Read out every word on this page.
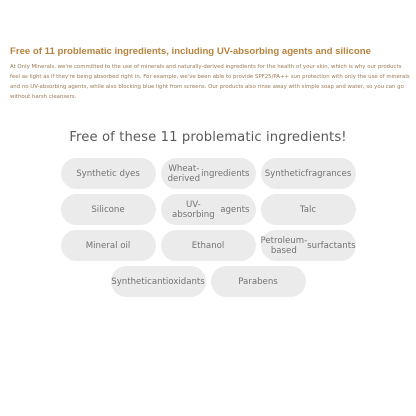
Free of 11 problematic ingredients, including UV-absorbing agents and silicone

At Only Minerals, we're committed to the use of minerals and naturally-derived ingredients for the health of your skin, which is why our products feel as light as if they're being absorbed right in. For example, we've been able to provide SPF25/PA++ sun protection with only the use of minerals and no UV-absorbing agents, while also blocking blue light from screens. Our products also rinse away with simple soap and water, so you can go without harsh cleansers.

Free of these 11 problematic ingredients!
Synthetic dyes	Wheat-derived ingredients Synthetic fragrances
Silicone	UV-absorbing agents	Talc
Mineral oil	Ethanol	Petroleum-based	surfactants
Synthetic antioxidants	Parabens
